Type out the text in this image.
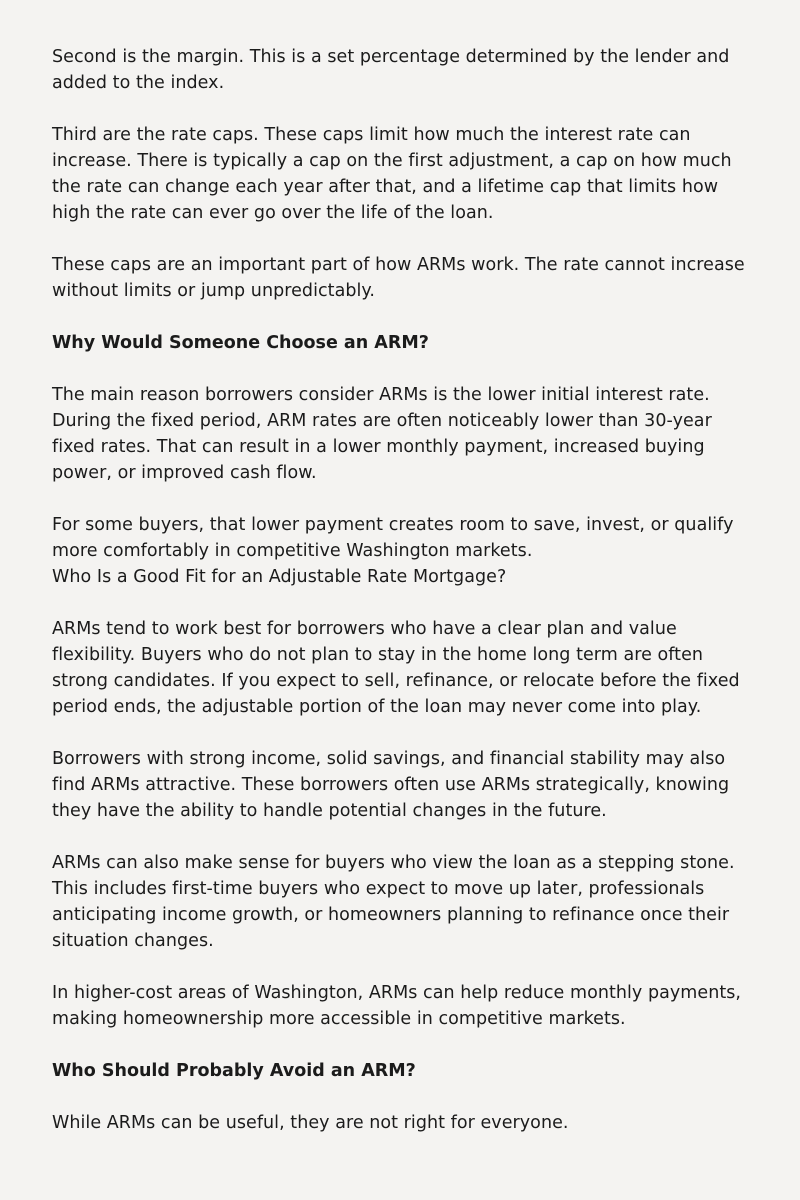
Second is the margin. This is a set percentage determined by the lender and added to the index.

Third are the rate caps. These caps limit how much the interest rate can increase. There is typically a cap on the first adjustment, a cap on how much the rate can change each year after that, and a lifetime cap that limits how high the rate can ever go over the life of the loan.

These caps are an important part of how ARMs work. The rate cannot increase without limits or jump unpredictably.

Why Would Someone Choose an ARM?

The main reason borrowers consider ARMs is the lower initial interest rate. During the fixed period, ARM rates are often noticeably lower than 30-year fixed rates. That can result in a lower monthly payment, increased buying power, or improved cash flow.

For some buyers, that lower payment creates room to save, invest, or qualify more comfortably in competitive Washington markets.

Who Is a Good Fit for an Adjustable Rate Mortgage?

ARMs tend to work best for borrowers who have a clear plan and value flexibility. Buyers who do not plan to stay in the home long term are often strong candidates. If you expect to sell, refinance, or relocate before the fixed period ends, the adjustable portion of the loan may never come into play.

Borrowers with strong income, solid savings, and financial stability may also find ARMs attractive. These borrowers often use ARMs strategically, knowing they have the ability to handle potential changes in the future.

ARMs can also make sense for buyers who view the loan as a stepping stone. This includes first-time buyers who expect to move up later, professionals anticipating income growth, or homeowners planning to refinance once their situation changes.

In higher-cost areas of Washington, ARMs can help reduce monthly payments, making homeownership more accessible in competitive markets.

Who Should Probably Avoid an ARM?

While ARMs can be useful, they are not right for everyone.
